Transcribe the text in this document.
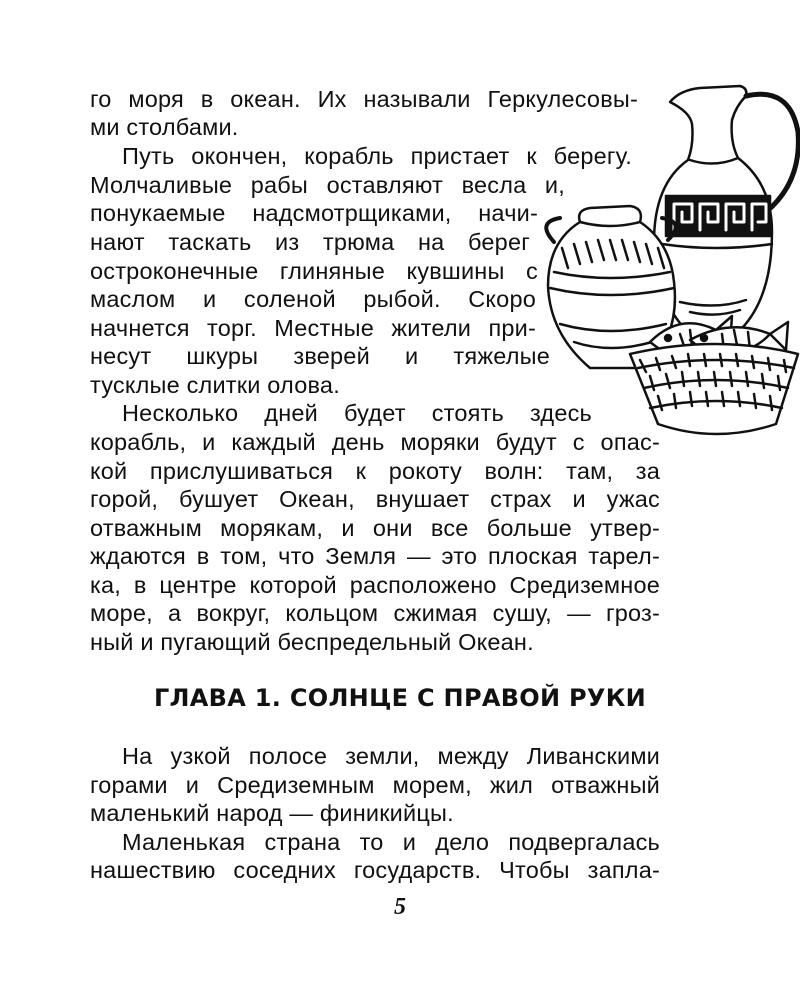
го моря в океан. Их называли Геркулесовы-
ми столбами.
Путь окончен, корабль пристает к берегу.
Молчаливые рабы оставляют весла и,
понукаемые надсмотрщиками, начи-
нают таскать из трюма на берег
остроконечные глиняные кувшины с
маслом и соленой рыбой. Скоро
начнется торг. Местные жители при-
несут шкуры зверей и тяжелые
тусклые слитки олова.
Несколько дней будет стоять здесь
корабль, и каждый день моряки будут с опас-
кой прислушиваться к рокоту волн: там, за
горой, бушует Океан, внушает страх и ужас
отважным морякам, и они все больше утвер-
ждаются в том, что Земля — это плоская тарел-
ка, в центре которой расположено Средиземное
море, а вокруг, кольцом сжимая сушу, — гроз-
ный и пугающий беспредельный Океан.
ГЛАВА 1. СОЛНЦЕ С ПРАВОЙ РУКИ
На узкой полосе земли, между Ливанскими
горами и Средиземным морем, жил отважный
маленький народ — финикийцы.
Маленькая страна то и дело подвергалась
нашествию соседних государств. Чтобы запла-
5
